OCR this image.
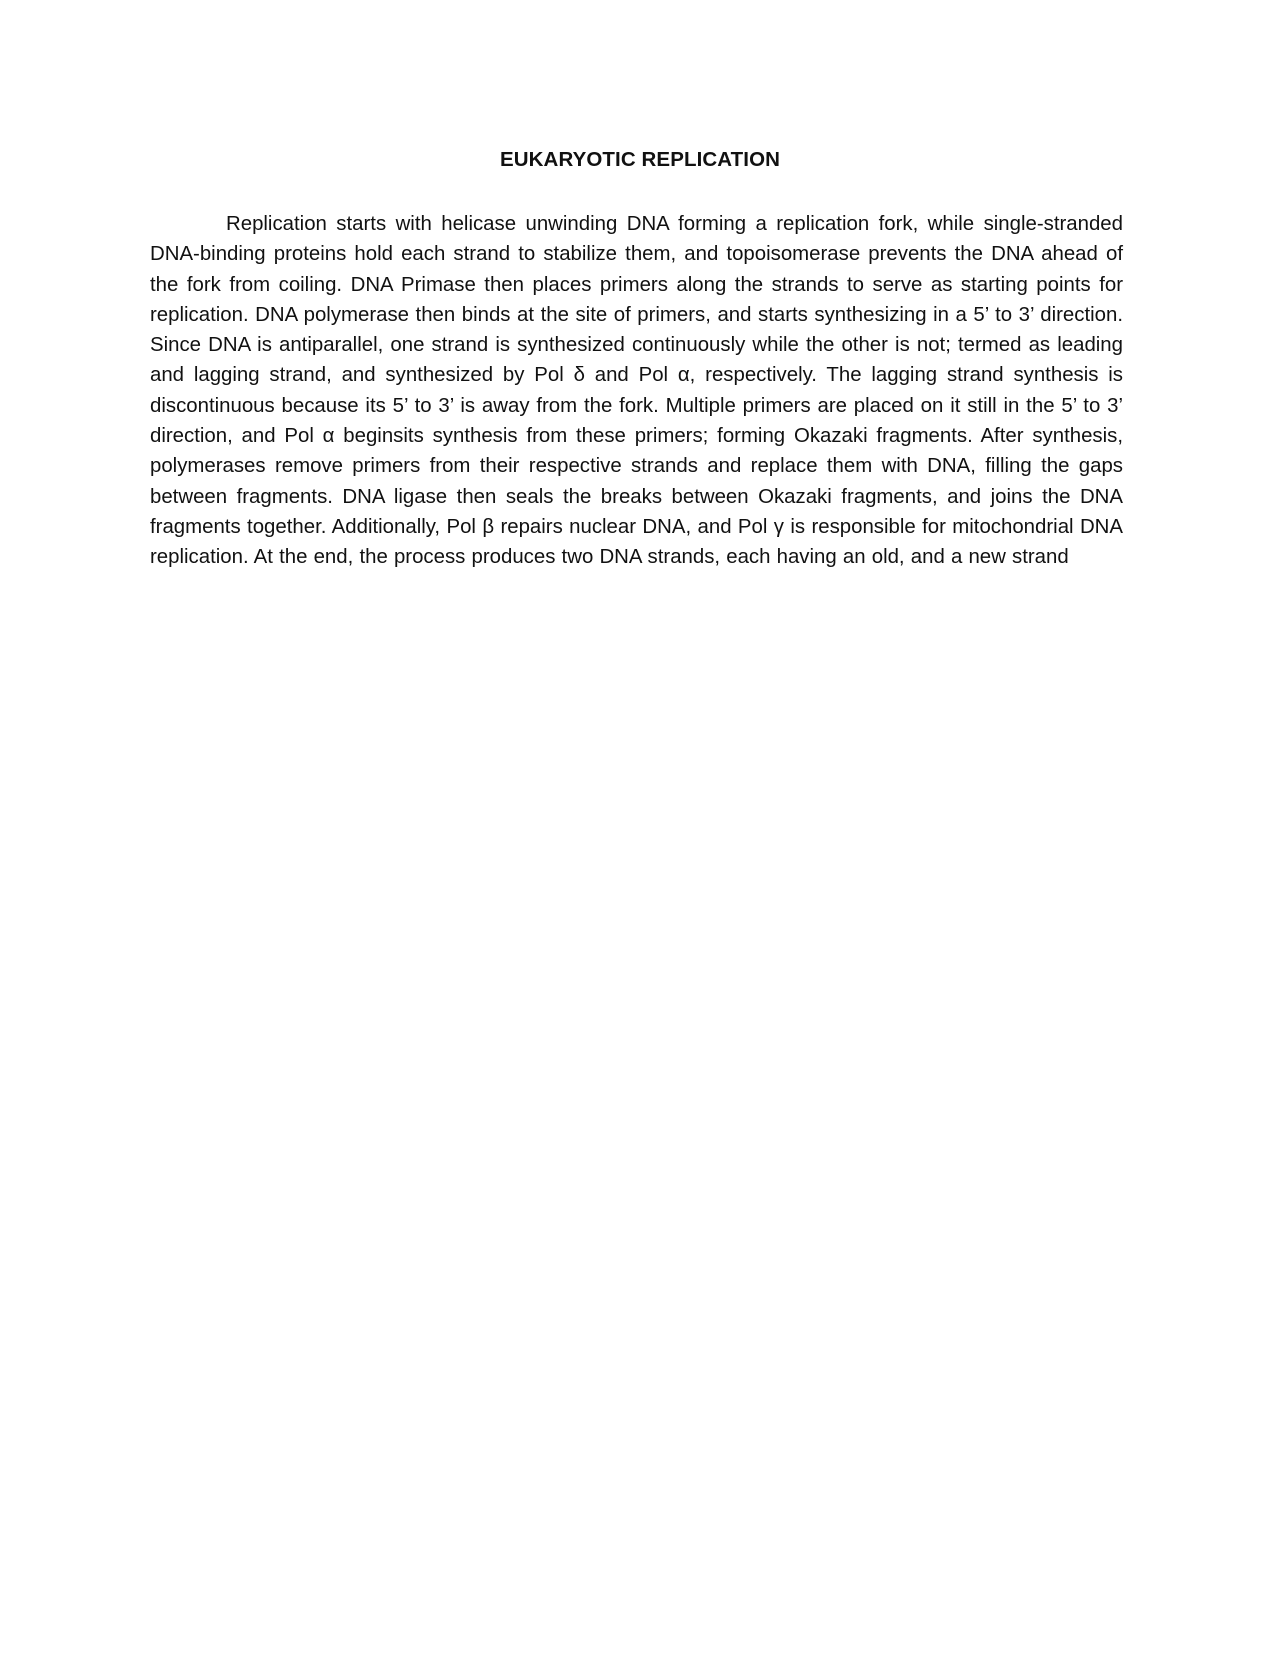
EUKARYOTIC REPLICATION

Replication starts with helicase unwinding DNA forming a replication fork, while single-stranded DNA-binding proteins hold each strand to stabilize them, and topoisomerase prevents the DNA ahead of the fork from coiling. DNA Primase then places primers along the strands to serve as starting points for replication. DNA polymerase then binds at the site of primers, and starts synthesizing in a 5’ to 3’ direction. Since DNA is antiparallel, one strand is synthesized continuously while the other is not; termed as leading and lagging strand, and synthesized by Pol δ and Pol α, respectively. The lagging strand synthesis is discontinuous because its 5’ to 3’ is away from the fork. Multiple primers are placed on it still in the 5’ to 3’ direction, and Pol α beginsits synthesis from these primers; forming Okazaki fragments. After synthesis, polymerases remove primers from their respective strands and replace them with DNA, filling the gaps between fragments. DNA ligase then seals the breaks between Okazaki fragments, and joins the DNA fragments together. Additionally, Pol β repairs nuclear DNA, and Pol γ is responsible for mitochondrial DNA replication. At the end, the process produces two DNA strands, each having an old, and a new strand
